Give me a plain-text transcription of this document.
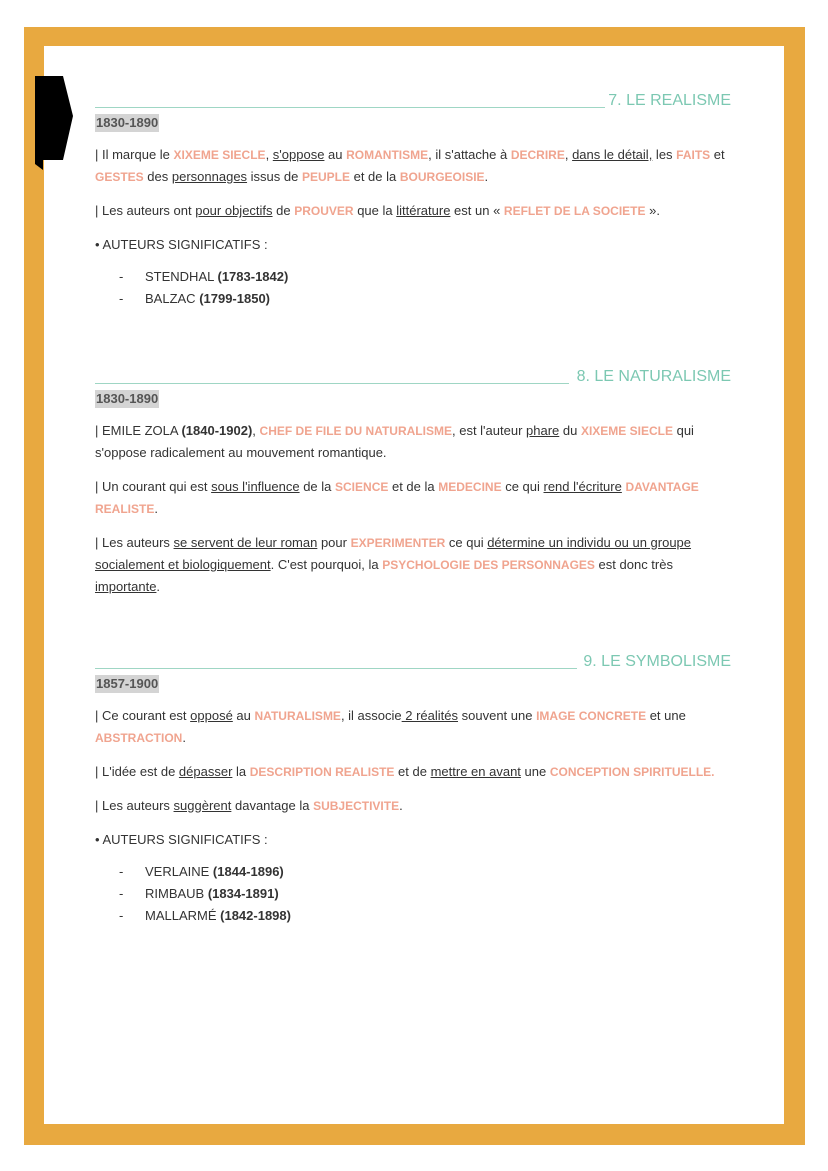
7. LE REALISME
1830-1890

| Il marque le XIXEME SIECLE, s'oppose au ROMANTISME, il s'attache à DECRIRE, dans le détail, les FAITS et GESTES des personnages issus de PEUPLE et de la BOURGEOISIE.

| Les auteurs ont pour objectifs de PROUVER que la littérature est un « REFLET DE LA SOCIETE ».

• AUTEURS SIGNIFICATIFS :

- STENDHAL (1783-1842)
- BALZAC (1799-1850)
8. LE NATURALISME
1830-1890

| EMILE ZOLA (1840-1902), CHEF DE FILE DU NATURALISME, est l'auteur phare du XIXEME SIECLE qui s'oppose radicalement au mouvement romantique.

| Un courant qui est sous l'influence de la SCIENCE et de la MEDECINE ce qui rend l'écriture DAVANTAGE REALISTE.

| Les auteurs se servent de leur roman pour EXPERIMENTER ce qui détermine un individu ou un groupe socialement et biologiquement. C'est pourquoi, la PSYCHOLOGIE DES PERSONNAGES est donc très importante.

9. LE SYMBOLISME
1857-1900

| Ce courant est opposé au NATURALISME, il associe 2 réalités souvent une IMAGE CONCRETE et une ABSTRACTION.

| L'idée est de dépasser la DESCRIPTION REALISTE et de mettre en avant une CONCEPTION SPIRITUELLE.

| Les auteurs suggèrent davantage la SUBJECTIVITE.

• AUTEURS SIGNIFICATIFS :

- VERLAINE (1844-1896)
- RIMBAUB (1834-1891)
- MALLARMÉ (1842-1898)
